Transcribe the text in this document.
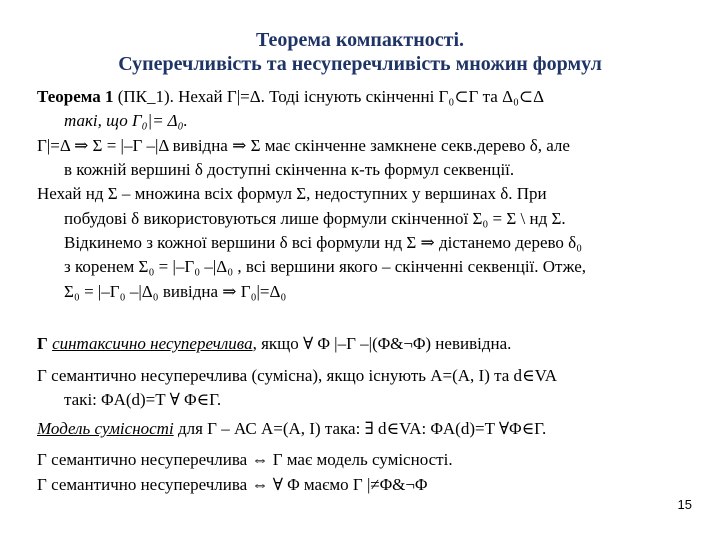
Теорема компактності.
Суперечливість та несуперечливість множин формул
Теорема 1 (ПК_1). Нехай Γ|=Δ. Тоді існують скінченні Γ₀⊂Γ та Δ₀⊂Δ
такі, що Γ₀|= Δ₀.
Γ|=Δ ⇒ Σ = |–Γ –|Δ вивідна ⇒ Σ має скінченне замкнене секв.дерево δ, але
в кожній вершині δ доступні скінченна к-ть формул секвенції.
Нехай нд Σ – множина всіх формул Σ, недоступних у вершинах δ. При
побудові δ використовуються лише формули скінченної Σ₀ = Σ \ нд Σ.
Відкинемо з кожної вершини δ всі формули нд Σ ⇒ дістанемо дерево δ₀
з коренем Σ₀ = |–Γ₀ –|Δ₀ , всі вершини якого – скінченні секвенції. Отже,
Σ₀ = |–Γ₀ –|Δ₀ вивідна ⇒ Γ₀|=Δ₀
Γ синтаксично несуперечлива, якщо ∀ Φ |–Γ –|(Φ&¬Φ) невивідна.
Γ семантично несуперечлива (сумісна), якщо існують A=(A, I) та d∈VA
такі: ΦA(d)=T ∀ Φ∈Γ.
Модель сумісності для Γ – АС A=(A, I) така: ∃ d∈VA: ΦA(d)=T ∀Φ∈Γ.
Γ семантично несуперечлива ⇔ Γ має модель сумісності.
Γ семантично несуперечлива ⇔ ∀ Φ маємо Γ |≠Φ&¬Φ
15
